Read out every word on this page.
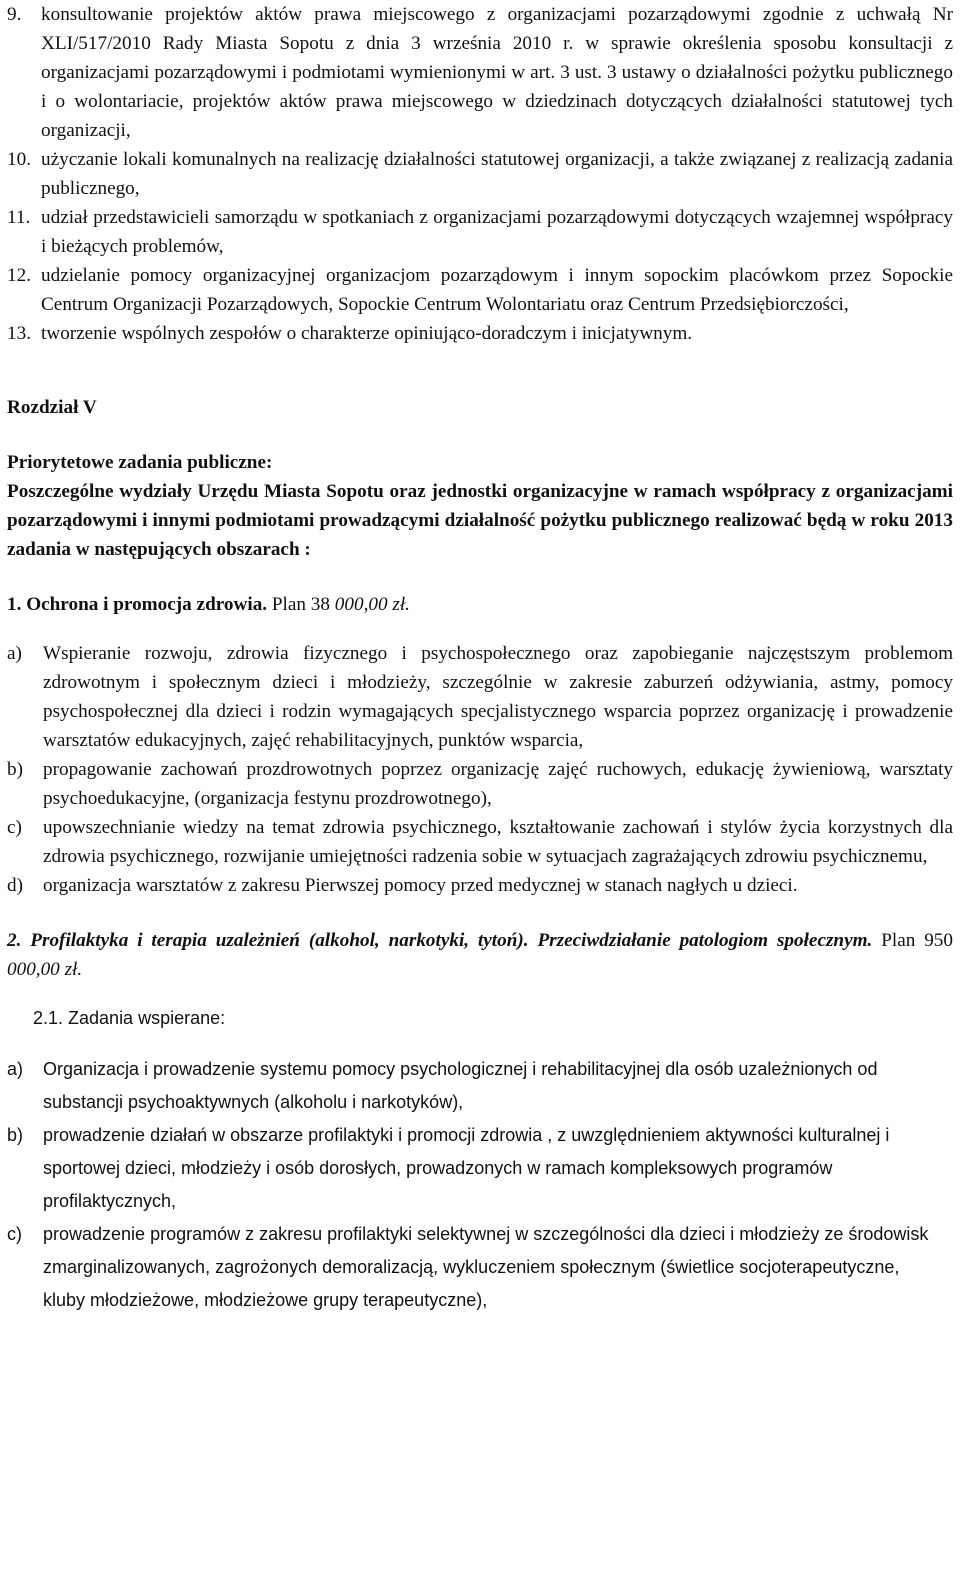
9.	konsultowanie projektów aktów prawa miejscowego z organizacjami pozarządowymi zgodnie z uchwałą Nr XLI/517/2010 Rady Miasta Sopotu z dnia 3 września 2010 r. w sprawie określenia sposobu konsultacji z organizacjami pozarządowymi i podmiotami wymienionymi w art. 3 ust. 3 ustawy o działalności pożytku publicznego i o wolontariacie, projektów aktów prawa miejscowego w dziedzinach dotyczących działalności statutowej tych organizacji,
10. użyczanie lokali komunalnych na realizację działalności statutowej organizacji, a także związanej z realizacją zadania publicznego,
11. udział przedstawicieli samorządu w spotkaniach z organizacjami pozarządowymi dotyczących wzajemnej współpracy i bieżących problemów,
12. udzielanie pomocy organizacyjnej organizacjom pozarządowym i innym sopockim placówkom przez Sopockie Centrum Organizacji Pozarządowych, Sopockie Centrum Wolontariatu oraz Centrum Przedsiębiorczości,
13. tworzenie wspólnych zespołów o charakterze opiniująco-doradczym i inicjatywnym.
Rozdział V
Priorytetowe zadania publiczne:
Poszczególne wydziały Urzędu Miasta Sopotu oraz jednostki organizacyjne w ramach współpracy z organizacjami pozarządowymi i innymi podmiotami prowadzącymi działalność pożytku publicznego realizować będą w roku 2013 zadania w następujących obszarach :
1. Ochrona i promocja zdrowia. Plan 38 000,00 zł.
a)	Wspieranie rozwoju, zdrowia fizycznego i psychospołecznego oraz zapobieganie najczęstszym problemom zdrowotnym i społecznym dzieci i młodzieży, szczególnie w zakresie zaburzeń odżywiania, astmy, pomocy psychospołecznej dla dzieci i rodzin wymagających specjalistycznego wsparcia poprzez organizację i prowadzenie warsztatów edukacyjnych, zajęć rehabilitacyjnych, punktów wsparcia,
b)	propagowanie zachowań prozdrowotnych poprzez organizację zajęć ruchowych, edukację żywieniową, warsztaty psychoedukacyjne, (organizacja festynu prozdrowotnego),
c)	upowszechnianie wiedzy na temat zdrowia psychicznego, kształtowanie zachowań i stylów życia korzystnych dla zdrowia psychicznego, rozwijanie umiejętności radzenia sobie w sytuacjach zagrażających zdrowiu psychicznemu,
d)	organizacja warsztatów z zakresu Pierwszej pomocy przed medycznej w stanach nagłych u dzieci.
2. Profilaktyka i terapia uzależnień (alkohol, narkotyki, tytoń). Przeciwdziałanie patologiom społecznym. Plan 950 000,00 zł.
2.1. Zadania wspierane:
a)	Organizacja i prowadzenie systemu pomocy psychologicznej i rehabilitacyjnej dla osób uzależnionych od substancji psychoaktywnych (alkoholu i narkotyków),
b)	prowadzenie działań w obszarze profilaktyki i promocji zdrowia , z uwzględnieniem aktywności kulturalnej i sportowej dzieci, młodzieży i osób dorosłych, prowadzonych w ramach kompleksowych programów profilaktycznych,
c)	prowadzenie programów z zakresu profilaktyki selektywnej w szczególności dla dzieci i młodzieży ze środowisk zmarginalizowanych, zagrożonych demoralizacją, wykluczeniem społecznym (świetlice socjoterapeutyczne, kluby młodzieżowe, młodzieżowe grupy terapeutyczne),
